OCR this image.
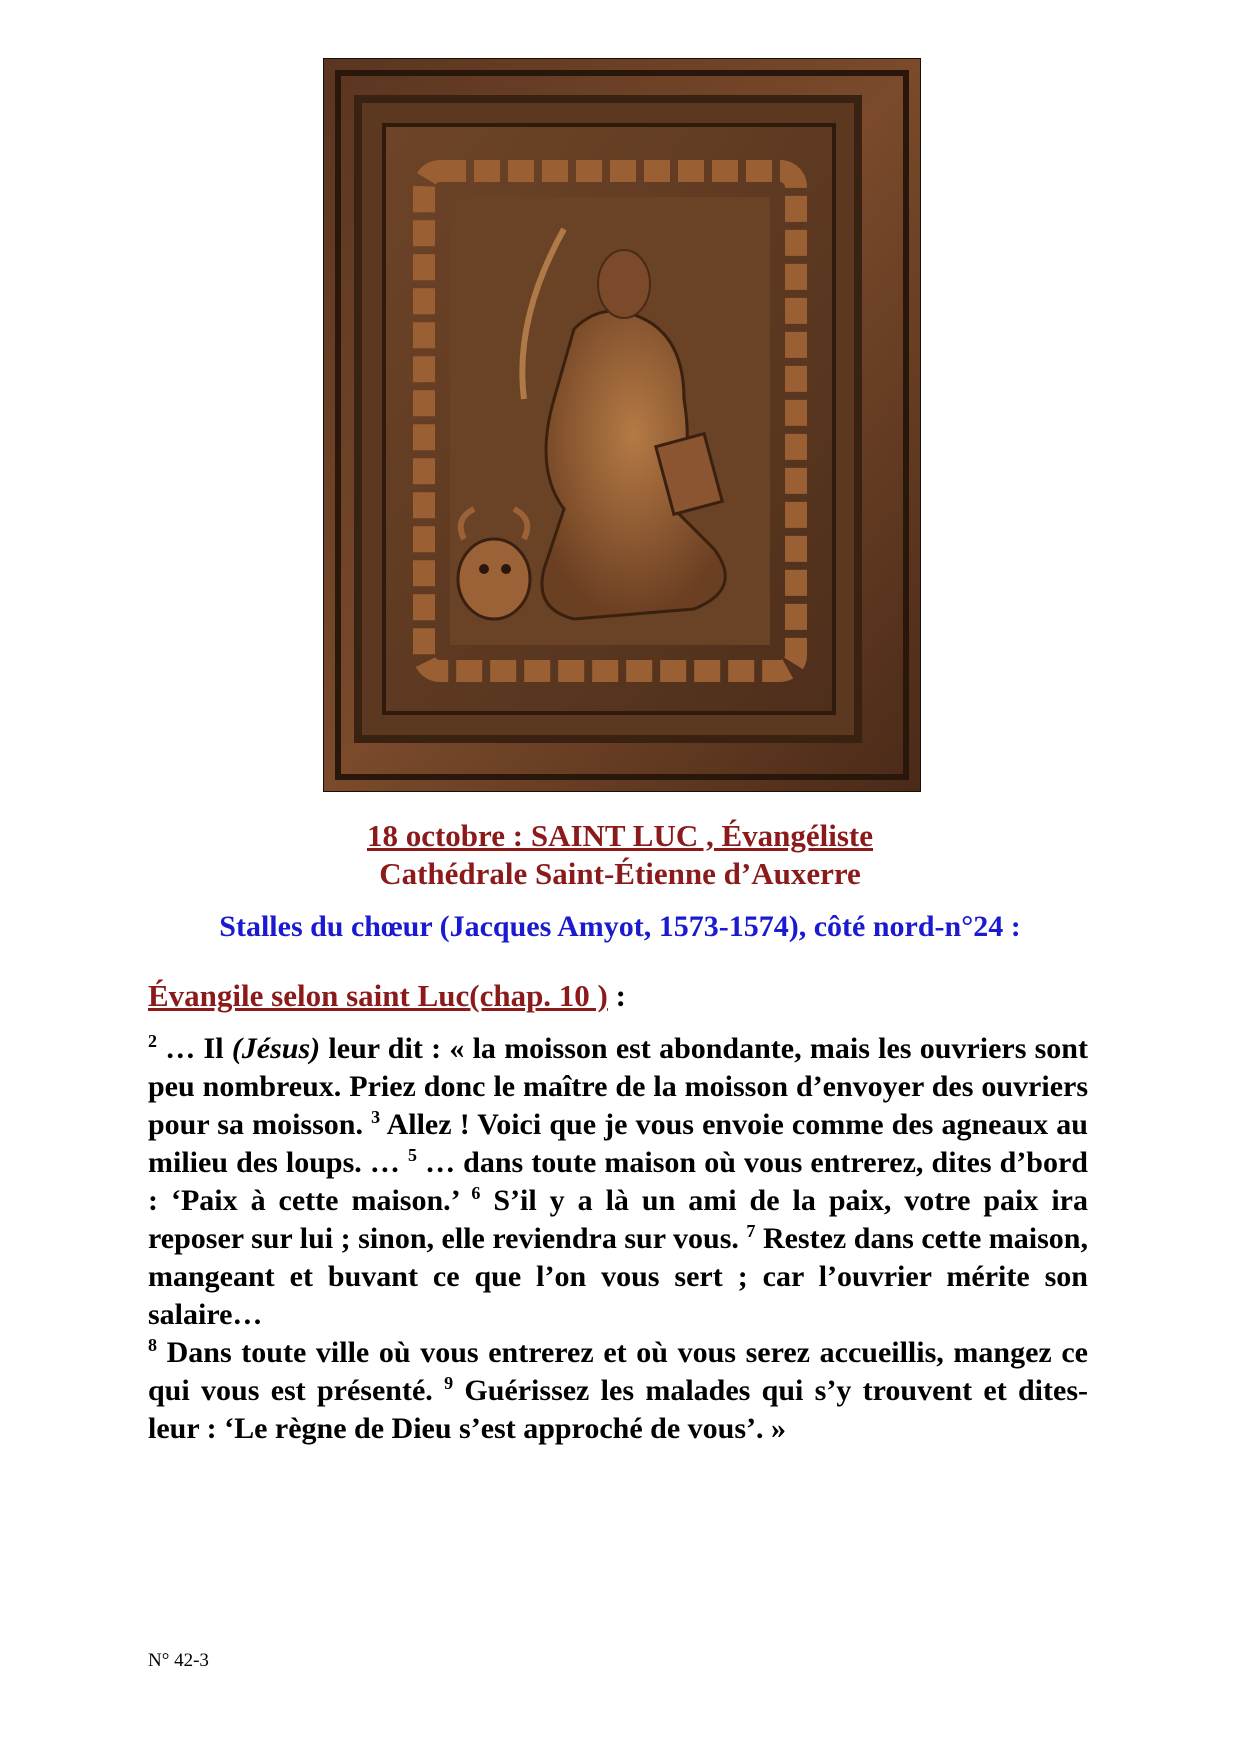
18 octobre : SAINT LUC , Évangéliste
Cathédrale Saint-Étienne d’Auxerre
Stalles du chœur (Jacques Amyot, 1573-1574), côté nord-n°24 :
Évangile selon saint Luc(chap. 10 ) :

$^2$ … Il (Jésus) leur dit : « la moisson est abondante, mais les ouvriers sont peu nombreux. Priez donc le maître de la moisson d’envoyer des ouvriers pour sa moisson. $^3$ Allez ! Voici que je vous envoie comme des agneaux au milieu des loups. … $^5$ … dans toute maison où vous entrerez, dites d’bord : ‘Paix à cette maison.’ $^6$ S’il y a là un ami de la paix, votre paix ira reposer sur lui ; sinon, elle reviendra sur vous. $^7$ Restez dans cette maison, mangeant et buvant ce que l’on vous sert ; car l’ouvrier mérite son salaire…

$^8$ Dans toute ville où vous entrerez et où vous serez accueillis, mangez ce qui vous est présenté. $^9$ Guérissez les malades qui s’y trouvent et dites-leur : ‘Le règne de Dieu s’est approché de vous’. »

N° 42-3
